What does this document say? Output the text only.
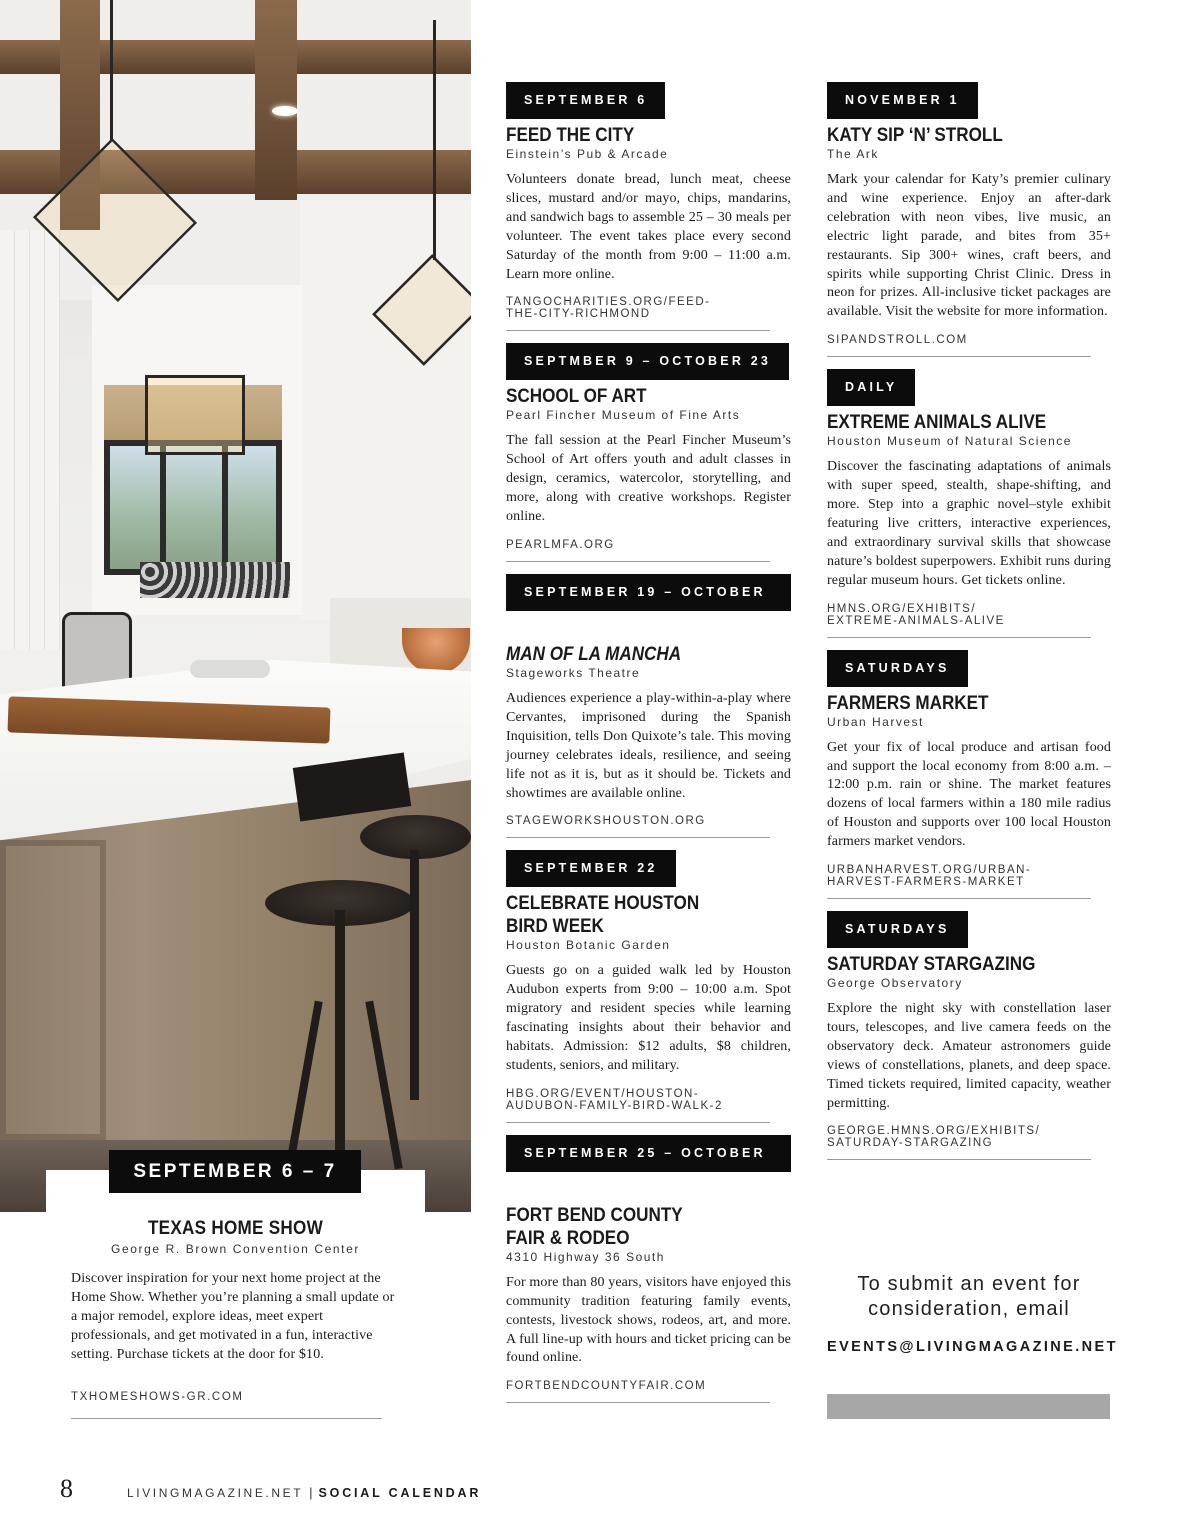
SEPTEMBER 6 – 7
TEXAS HOME SHOW
George R. Brown Convention Center
Discover inspiration for your next home project at the Home Show. Whether you’re planning a small update or a major remodel, explore ideas, meet expert professionals, and get motivated in a fun, interactive setting. Purchase tickets at the door for $10.
TXHOMESHOWS-GR.COM
SEPTEMBER 6
FEED THE CITY
Einstein’s Pub & Arcade
Volunteers donate bread, lunch meat, cheese slices, mustard and/or mayo, chips, mandarins, and sandwich bags to assemble 25 – 30 meals per volunteer. The event takes place every second Saturday of the month from 9:00 – 11:00 a.m. Learn more online.
TANGOCHARITIES.ORG/FEED-
THE-CITY-RICHMOND
SEPTMBER 9 – OCTOBER 23
SCHOOL OF ART
Pearl Fincher Museum of Fine Arts
The fall session at the Pearl Fincher Museum’s School of Art offers youth and adult classes in design, ceramics, watercolor, storytelling, and more, along with creative workshops. Register online.
PEARLMFA.ORG
SEPTEMBER 19 – OCTOBER 12
MAN OF LA MANCHA
Stageworks Theatre
Audiences experience a play-within-a-play where Cervantes, imprisoned during the Spanish Inquisition, tells Don Quixote’s tale. This moving journey celebrates ideals, resilience, and seeing life not as it is, but as it should be. Tickets and showtimes are available online.
STAGEWORKSHOUSTON.ORG
SEPTEMBER 22
CELEBRATE HOUSTON
BIRD WEEK
Houston Botanic Garden
Guests go on a guided walk led by Houston Audubon experts from 9:00 – 10:00 a.m. Spot migratory and resident species while learning fascinating insights about their behavior and habitats. Admission: $12 adults, $8 children, students, seniors, and military.
HBG.ORG/EVENT/HOUSTON-
AUDUBON-FAMILY-BIRD-WALK-2
SEPTEMBER 25 – OCTOBER 5
FORT BEND COUNTY
FAIR & RODEO
4310 Highway 36 South
For more than 80 years, visitors have enjoyed this community tradition featuring family events, contests, livestock shows, rodeos, art, and more. A full line-up with hours and ticket pricing can be found online.
FORTBENDCOUNTYFAIR.COM
NOVEMBER 1
KATY SIP ‘N’ STROLL
The Ark
Mark your calendar for Katy’s premier culinary and wine experience. Enjoy an after-dark celebration with neon vibes, live music, an electric light parade, and bites from 35+ restaurants. Sip 300+ wines, craft beers, and spirits while supporting Christ Clinic. Dress in neon for prizes. All-inclusive ticket packages are available. Visit the website for more information.
SIPANDSTROLL.COM
DAILY
EXTREME ANIMALS ALIVE
Houston Museum of Natural Science
Discover the fascinating adaptations of animals with super speed, stealth, shape-shifting, and more. Step into a graphic novel–style exhibit featuring live critters, interactive experiences, and extraordinary survival skills that showcase nature’s boldest superpowers. Exhibit runs during regular museum hours. Get tickets online.
HMNS.ORG/EXHIBITS/
EXTREME-ANIMALS-ALIVE
SATURDAYS
FARMERS MARKET
Urban Harvest
Get your fix of local produce and artisan food and support the local economy from 8:00 a.m. – 12:00 p.m. rain or shine. The market features dozens of local farmers within a 180 mile radius of Houston and supports over 100 local Houston farmers market vendors.
URBANHARVEST.ORG/URBAN-
HARVEST-FARMERS-MARKET
SATURDAYS
SATURDAY STARGAZING
George Observatory
Explore the night sky with constellation laser tours, telescopes, and live camera feeds on the observatory deck. Amateur astronomers guide views of constellations, planets, and deep space. Timed tickets required, limited capacity, weather permitting.
GEORGE.HMNS.ORG/EXHIBITS/
SATURDAY-STARGAZING
To submit an event for consideration, email
EVENTS@LIVINGMAGAZINE.NET
8	LIVINGMAGAZINE.NET | SOCIAL CALENDAR
